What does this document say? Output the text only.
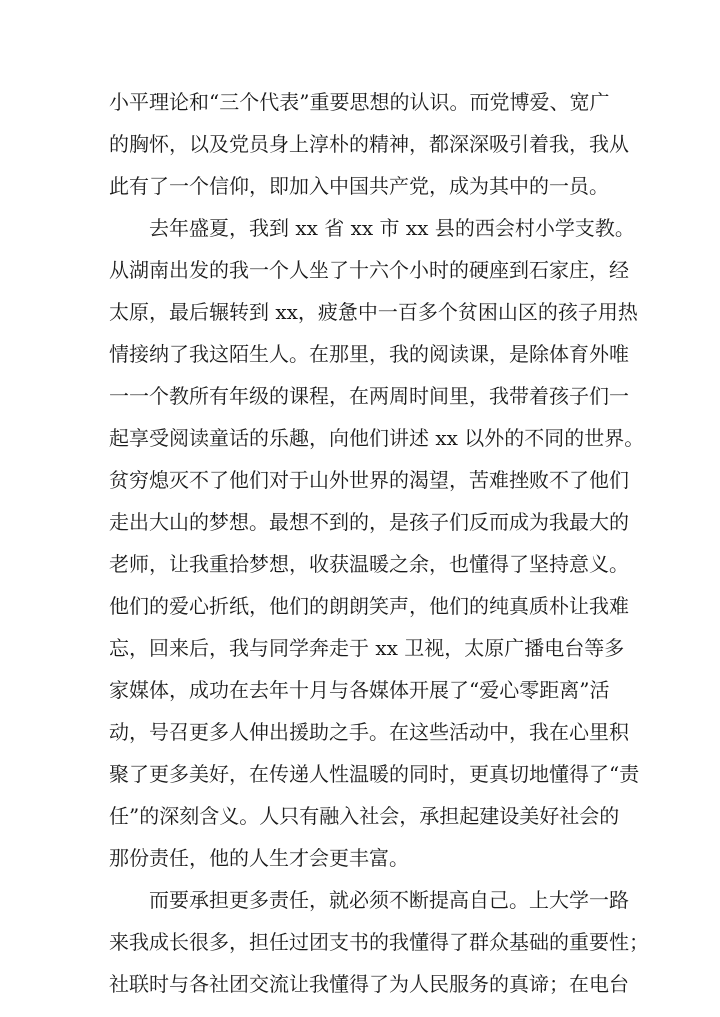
小平理论和“三个代表”重要思想的认识。而党博爱、宽广
的胸怀，以及党员身上淳朴的精神，都深深吸引着我，我从
此有了一个信仰，即加入中国共产党，成为其中的一员。
去年盛夏，我到 xx 省 xx 市 xx 县的西会村小学支教。
从湖南出发的我一个人坐了十六个小时的硬座到石家庄，经
太原，最后辗转到 xx，疲惫中一百多个贫困山区的孩子用热
情接纳了我这陌生人。在那里，我的阅读课，是除体育外唯
一一个教所有年级的课程，在两周时间里，我带着孩子们一
起享受阅读童话的乐趣，向他们讲述 xx 以外的不同的世界。
贫穷熄灭不了他们对于山外世界的渴望，苦难挫败不了他们
走出大山的梦想。最想不到的，是孩子们反而成为我最大的
老师，让我重拾梦想，收获温暖之余，也懂得了坚持意义。
他们的爱心折纸，他们的朗朗笑声，他们的纯真质朴让我难
忘，回来后，我与同学奔走于 xx 卫视，太原广播电台等多
家媒体，成功在去年十月与各媒体开展了“爱心零距离”活
动，号召更多人伸出援助之手。在这些活动中，我在心里积
聚了更多美好，在传递人性温暖的同时，更真切地懂得了“责
任”的深刻含义。人只有融入社会，承担起建设美好社会的
那份责任，他的人生才会更丰富。
而要承担更多责任，就必须不断提高自己。上大学一路
来我成长很多，担任过团支书的我懂得了群众基础的重要性；
社联时与各社团交流让我懂得了为人民服务的真谛；在电台
